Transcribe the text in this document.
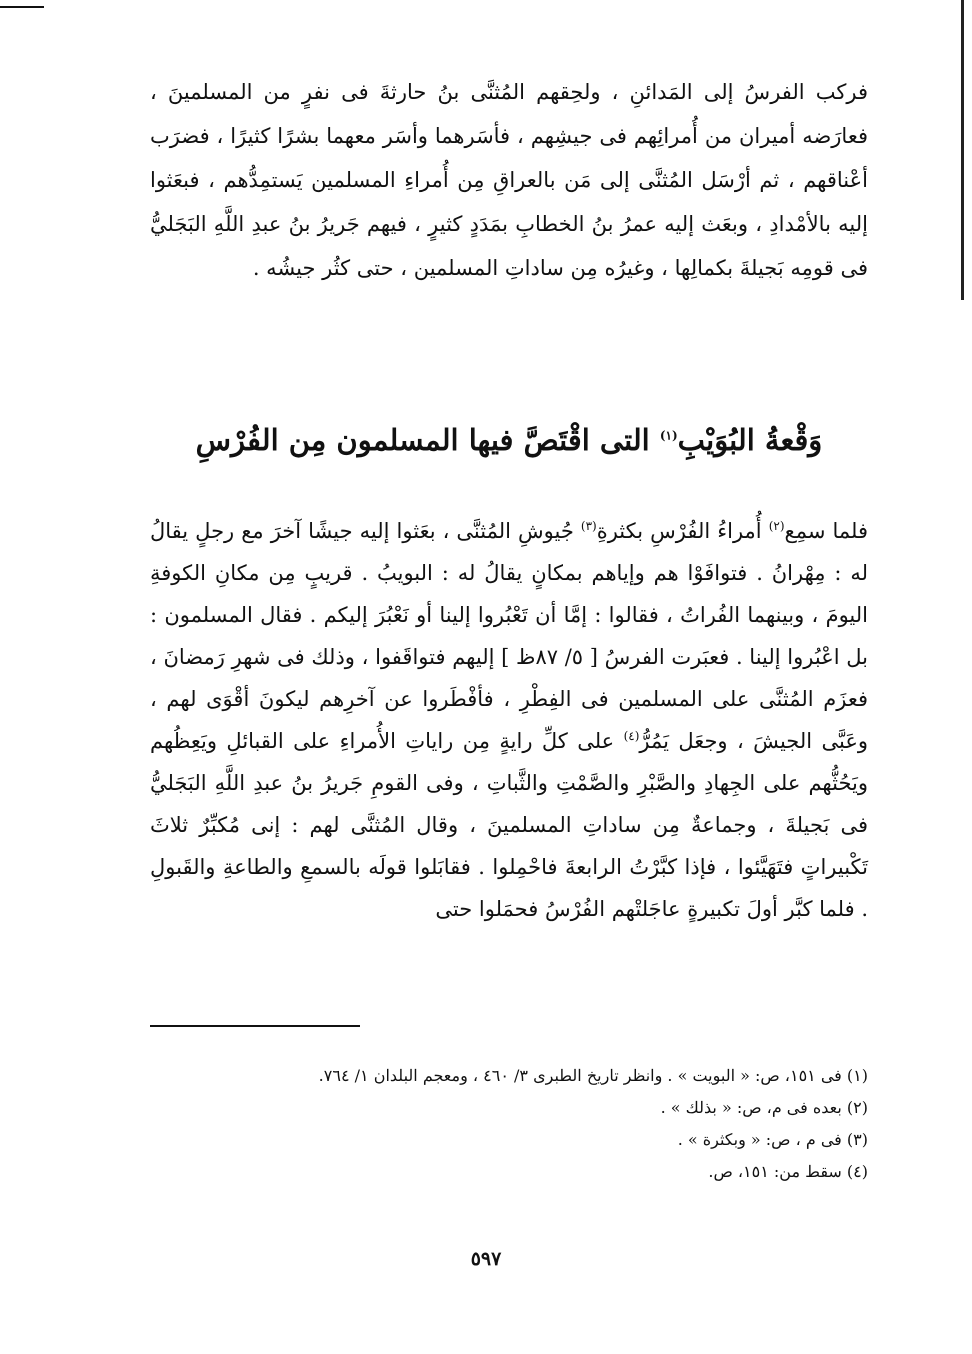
فركب الفرسُ إلى المَدائنِ ، ولحِقهم المُثنَّى بنُ حارثةَ فى نفرٍ من المسلمينَ ، فعارَضه أميران من أُمرائِهم فى جيشِهم ، فأسَرهما وأسَر معهما بشرًا كثيرًا ، فضرَب أعْناقهم ، ثم أرْسَل المُثنَّى إلى مَن بالعراقِ مِن أُمراءِ المسلمين يَستمِدُّهم ، فبعَثوا إليه بالأمْدادِ ، وبعَث إليه عمرُ بنُ الخطابِ بمَدَدٍ كثيرٍ ، فيهم جَريرُ بنُ عبدِ اللَّهِ البَجَليُّ فى قومِه بَجيلةَ بكمالِها ، وغيرُه مِن ساداتِ المسلمين ، حتى كثُر جيشُه .

وَقْعةُ البُوَيْبِ$^{(١)}$ التى اقْتَصَّ فيها المسلمون مِن الفُرْسِ

فلما سمِع$^{(٢)}$ أُمراءُ الفُرْسِ بكثرةِ$^{(٣)}$ جُيوشِ المُثنَّى ، بعَثوا إليه جيشًا آخرَ مع رجلٍ يقالُ له : مِهْرانُ . فتوافَوْا هم وإياهم بمكانٍ يقالُ له : البويبُ . قريبٍ مِن مكانِ الكوفةِ اليومَ ، وبينهما الفُراتُ ، فقالوا : إمَّا أن تَعْبُروا إلينا أو نَعْبُرَ إليكم . فقال المسلمون : بل اعْبُروا إلينا . فعبَرت الفرسُ [ ٥/ ٨٧ظ ] إليهم فتواقَفوا ، وذلك فى شهرِ رَمضانَ ، فعزَم المُثنَّى على المسلمين فى الفِطْرِ ، فأفْطَروا عن آخرِهم ليكونَ أقْوَى لهم ، وعَبَّى الجيشَ ، وجعَل يَمُرُّ$^{(٤)}$ على كلِّ رايةٍ مِن راياتِ الأُمراءِ على القبائلِ ويَعِظُهم ويَحُثُّهم على الجِهادِ والصَّبْرِ والصَّمْتِ والثَّباتِ ، وفى القومِ جَريرُ بنُ عبدِ اللَّهِ البَجَليُّ فى بَجيلةَ ، وجماعةٌ مِن ساداتِ المسلمينَ ، وقال المُثنَّى لهم : إنى مُكبِّرٌ ثلاثَ تَكْبيراتٍ فتَهَيَّئوا ، فإذا كبَّرْتُ الرابعةَ فاحْمِلوا . فقابَلوا قولَه بالسمعِ والطاعةِ والقَبولِ . فلما كبَّر أولَ تكبيرةٍ عاجَلتْهم الفُرْسُ فحمَلوا حتى

(١) فى ١٥١، ص: « البويت » . وانظر تاريخ الطبرى ٣/ ٤٦٠ ، ومعجم البلدان ١/ ٧٦٤.
(٢) بعده فى م، ص: « بذلك » .
(٣) فى م ، ص: « وبكثرة » .
(٤) سقط من: ١٥١، ص.
٥٩٧
